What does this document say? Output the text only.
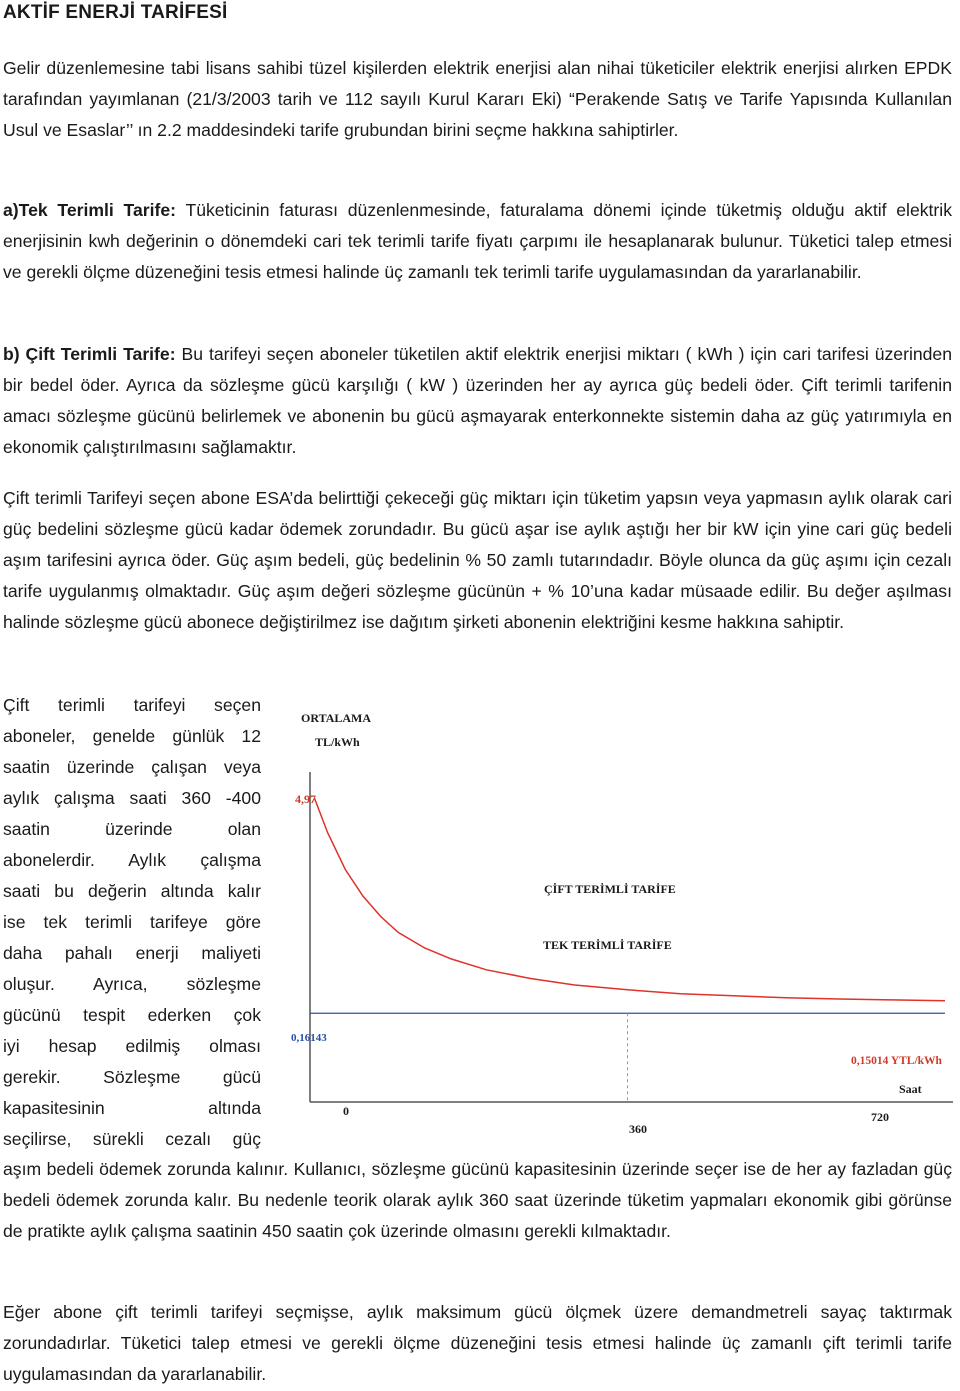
AKTİF ENERJİ TARİFESİ

Gelir düzenlemesine tabi lisans sahibi tüzel kişilerden elektrik enerjisi alan nihai tüketiciler elektrik enerjisi alırken EPDK tarafından yayımlanan (21/3/2003 tarih ve 112 sayılı Kurul Kararı Eki) “Perakende Satış ve Tarife Yapısında Kullanılan Usul ve Esaslar’’ ın 2.2 maddesindeki tarife grubundan birini seçme hakkına sahiptirler.

a)Tek Terimli Tarife: Tüketicinin faturası düzenlenmesinde, faturalama dönemi içinde tüketmiş olduğu aktif elektrik enerjisinin kwh değerinin o dönemdeki cari tek terimli tarife fiyatı çarpımı ile hesaplanarak bulunur. Tüketici talep etmesi ve gerekli ölçme düzeneğini tesis etmesi halinde üç zamanlı tek terimli tarife uygulamasından da yararlanabilir.

b) Çift Terimli Tarife: Bu tarifeyi seçen aboneler tüketilen aktif elektrik enerjisi miktarı ( kWh ) için cari tarifesi üzerinden bir bedel öder. Ayrıca da sözleşme gücü karşılığı ( kW ) üzerinden her ay ayrıca güç bedeli öder. Çift terimli tarifenin amacı sözleşme gücünü belirlemek ve abonenin bu gücü aşmayarak enterkonnekte sistemin daha az güç yatırımıyla en ekonomik çalıştırılmasını sağlamaktır.

Çift terimli Tarifeyi seçen abone ESA’da belirttiği çekeceği güç miktarı için tüketim yapsın veya yapmasın aylık olarak cari güç bedelini sözleşme gücü kadar ödemek zorundadır. Bu gücü aşar ise aylık aştığı her bir kW için yine cari güç bedeli aşım tarifesini ayrıca öder. Güç aşım bedeli, güç bedelinin % 50 zamlı tutarındadır. Böyle olunca da güç aşımı için cezalı tarife uygulanmış olmaktadır. Güç aşım değeri sözleşme gücünün + % 10’una kadar müsaade edilir. Bu değer aşılması halinde sözleşme gücü abonece değiştirilmez ise dağıtım şirketi abonenin elektriğini kesme hakkına sahiptir.

Çift terimli tarifeyi seçen
aboneler, genelde günlük 12
saatin üzerinde çalışan veya
aylık çalışma saati 360 -400
saatin üzerinde olan
abonelerdir. Aylık çalışma
saati bu değerin altında kalır
ise tek terimli tarifeye göre
daha pahalı enerji maliyeti
oluşur. Ayrıca, sözleşme
gücünü tespit ederken çok
iyi hesap edilmiş olması
gerekir. Sözleşme gücü
kapasitesinin altında
seçilirse, sürekli cezalı güç
ORTALAMA
TL/kWh
4,97
0,16143
0
360
720
Saat
ÇİFT TERİMLİ TARİFE
TEK TERİMLİ TARİFE
0,15014 YTL/kWh

aşım bedeli ödemek zorunda kalınır. Kullanıcı, sözleşme gücünü kapasitesinin üzerinde seçer ise de her ay fazladan güç bedeli ödemek zorunda kalır. Bu nedenle teorik olarak aylık 360 saat üzerinde tüketim yapmaları ekonomik gibi görünse de pratikte aylık çalışma saatinin 450 saatin çok üzerinde olmasını gerekli kılmaktadır.

Eğer abone çift terimli tarifeyi seçmişse, aylık maksimum gücü ölçmek üzere demandmetreli sayaç taktırmak zorundadırlar. Tüketici talep etmesi ve gerekli ölçme düzeneğini tesis etmesi halinde üç zamanlı çift terimli tarife uygulamasından da yararlanabilir.
